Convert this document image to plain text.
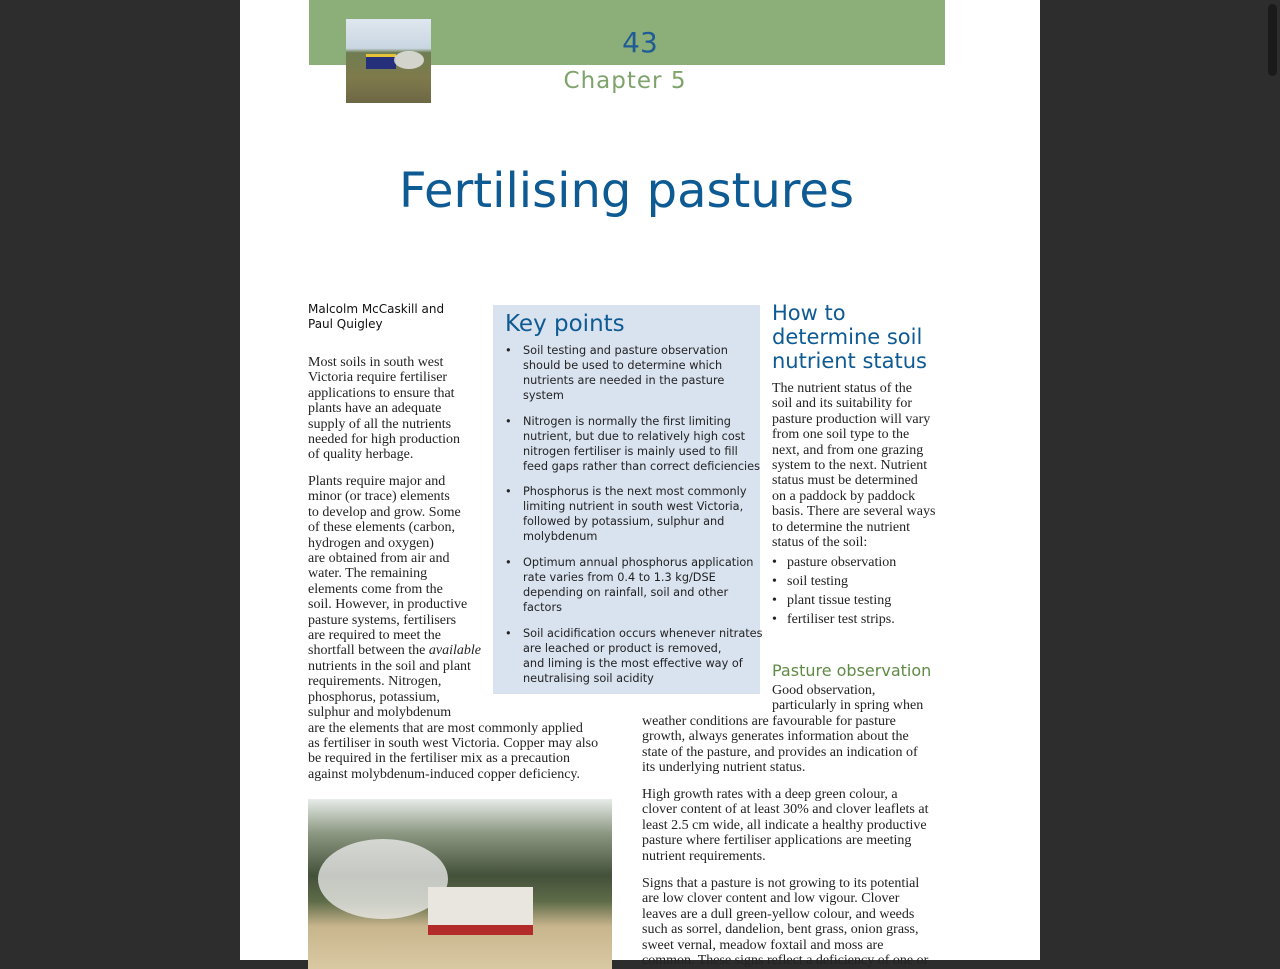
43
Chapter 5
Fertilising pastures
Malcolm McCaskill and
Paul Quigley
Most soils in south west
Victoria require fertiliser
applications to ensure that
plants have an adequate
supply of all the nutrients
needed for high production
of quality herbage.
Plants require major and
minor (or trace) elements
to develop and grow. Some
of these elements (carbon,
hydrogen and oxygen)
are obtained from air and
water. The remaining
elements come from the
soil. However, in productive
pasture systems, fertilisers
are required to meet the
shortfall between the available
nutrients in the soil and plant
requirements. Nitrogen,
phosphorus, potassium,
sulphur and molybdenum
are the elements that are most commonly applied
as fertiliser in south west Victoria. Copper may also
be required in the fertiliser mix as a precaution
against molybdenum-induced copper deficiency.
Key points
• Soil testing and pasture observation
should be used to determine which
nutrients are needed in the pasture
system
• Nitrogen is normally the first limiting
nutrient, but due to relatively high cost
nitrogen fertiliser is mainly used to fill
feed gaps rather than correct deficiencies
• Phosphorus is the next most commonly
limiting nutrient in south west Victoria,
followed by potassium, sulphur and
molybdenum
• Optimum annual phosphorus application
rate varies from 0.4 to 1.3 kg/DSE
depending on rainfall, soil and other
factors
• Soil acidification occurs whenever nitrates
are leached or product is removed,
and liming is the most effective way of
neutralising soil acidity
How to
determine soil
nutrient status
The nutrient status of the
soil and its suitability for
pasture production will vary
from one soil type to the
next, and from one grazing
system to the next. Nutrient
status must be determined
on a paddock by paddock
basis. There are several ways
to determine the nutrient
status of the soil:
• pasture observation
• soil testing
• plant tissue testing
• fertiliser test strips.
Pasture observation
Good observation,
particularly in spring when
weather conditions are favourable for pasture
growth, always generates information about the
state of the pasture, and provides an indication of
its underlying nutrient status.
High growth rates with a deep green colour, a
clover content of at least 30% and clover leaflets at
least 2.5 cm wide, all indicate a healthy productive
pasture where fertiliser applications are meeting
nutrient requirements.
Signs that a pasture is not growing to its potential
are low clover content and low vigour. Clover
leaves are a dull green-yellow colour, and weeds
such as sorrel, dandelion, bent grass, onion grass,
sweet vernal, meadow foxtail and moss are
common. These signs reflect a deficiency of one or
